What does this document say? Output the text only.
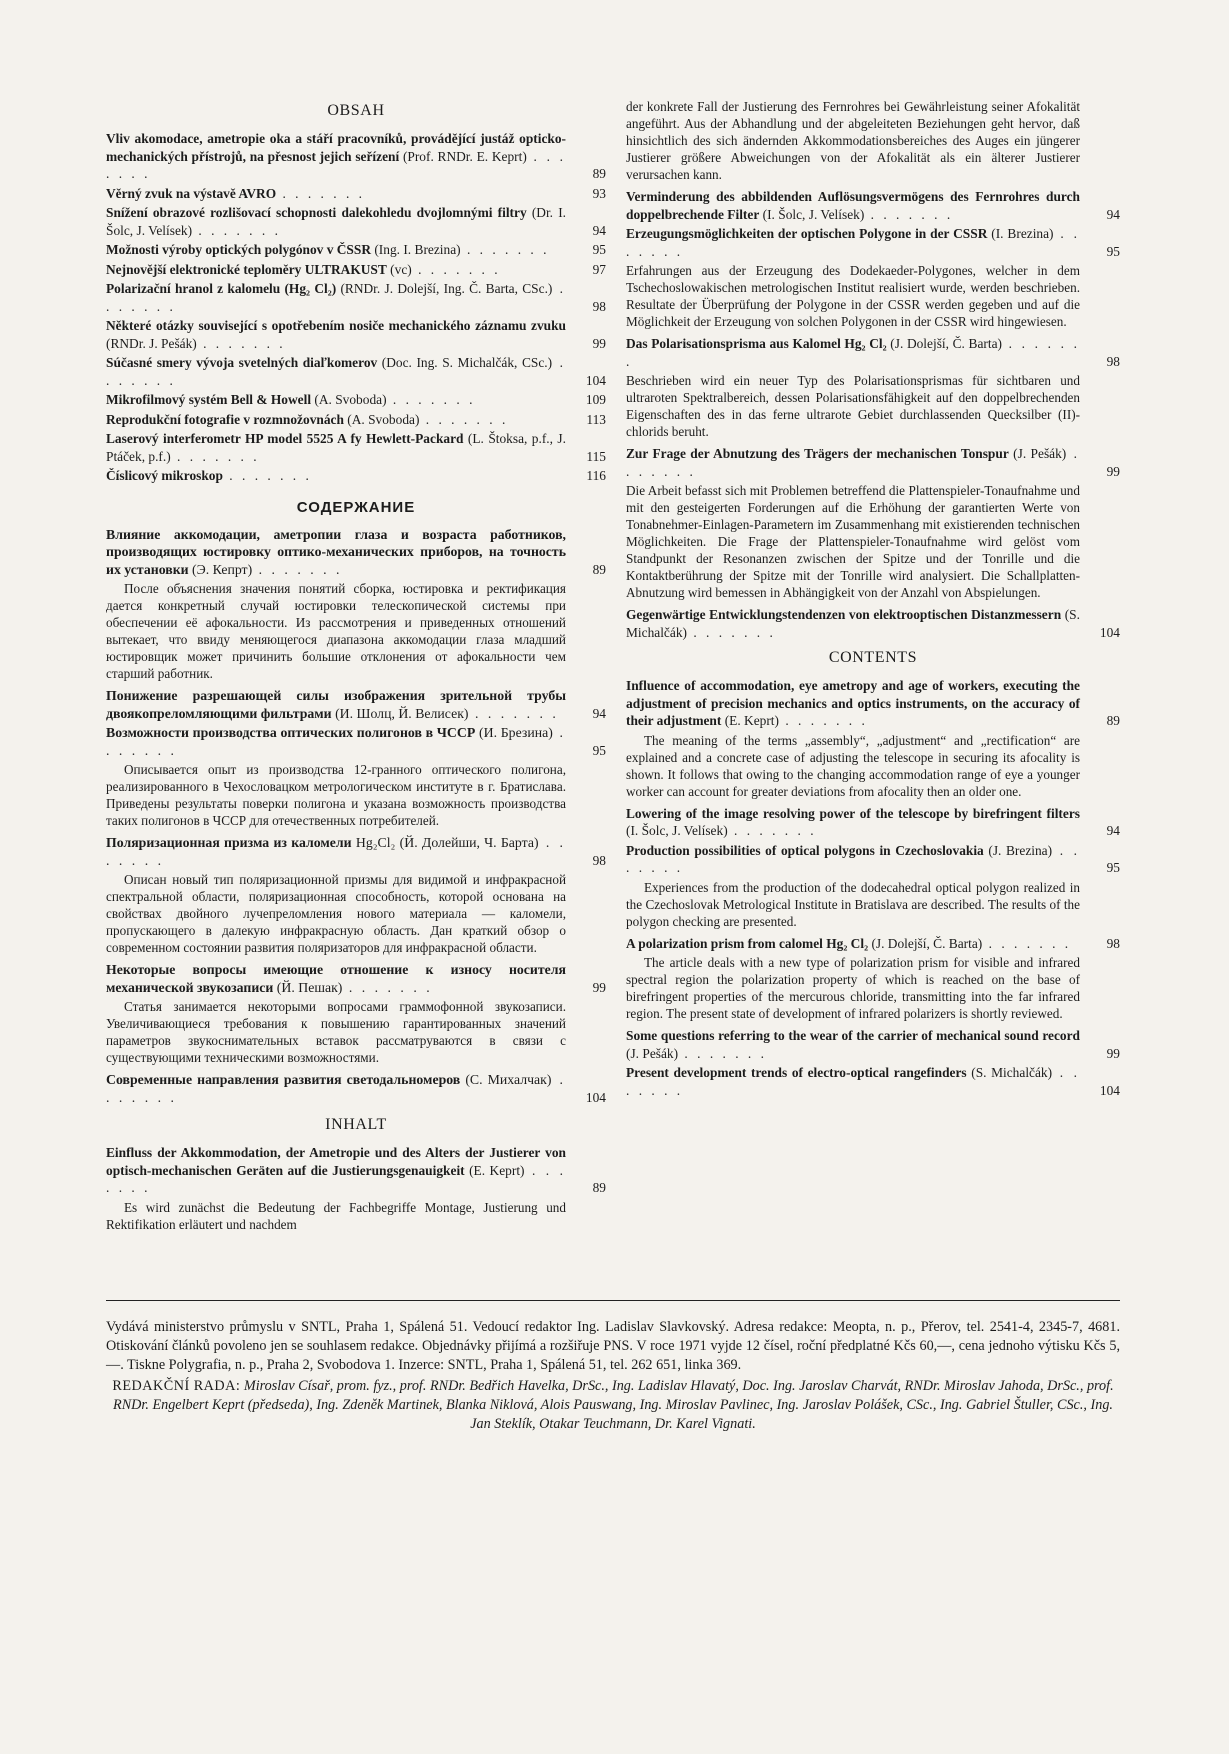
OBSAH
Vliv akomodace, ametropie oka a stáří pracovníků, provádějící justáž opticko-mechanických přístrojů, na přesnost jejich seřízení (Prof. RNDr. E. Keprt) . . . . . . .	89
Věrný zvuk na výstavě AVRO . . . . . . .	93
Snížení obrazové rozlišovací schopnosti dalekohledu dvojlomnými filtry (Dr. I. Šolc, J. Velísek) . . . . . . .	94
Možnosti výroby optických polygónov v ČSSR (Ing. I. Brezina) . . . . . . .	95
Nejnovější elektronické teploměry ULTRAKUST (vc) . . . . . . .	97
Polarizační hranol z kalomelu (Hg₂ Cl₂) (RNDr. J. Dolejší, Ing. Č. Barta, CSc.) . . . . . . .	98
Některé otázky související s opotřebením nosiče mechanického záznamu zvuku (RNDr. J. Pešák) . . . . . . .	99
Súčasné smery vývoja svetelných diaľkomerov (Doc. Ing. S. Michalčák, CSc.) . . . . . . .	104
Mikrofilmový systém Bell & Howell (A. Svoboda) . . . . . . .	109
Reprodukční fotografie v rozmnožovnách (A. Svoboda) . . . . . . .	113
Laserový interferometr HP model 5525 A fy Hewlett-Packard (L. Štoksa, p.f., J. Ptáček, p.f.) . . . . . . .	115
Číslicový mikroskop . . . . . . .	116
СОДЕРЖАНИЕ
Влияние аккомодации, аметропии глаза и возраста работников, производящих юстировку оптико-механических приборов, на точность их установки (Э. Кепрт) . . . . . . .	89
После объяснения значения понятий сборка, юстировка и ректификация дается конкретный случай юстировки телескопической системы при обеспечении её афокальности. Из рассмотрения и приведенных отношений вытекает, что ввиду меняющегося диапазона аккомодации глаза младший юстировщик может причинить большие отклонения от афокальности чем старший работник.
Понижение разрешающей силы изображения зрительной трубы двоякопреломляющими фильтрами (И. Шолц, Й. Велисек) . . . . . . .	94
Возможности производства оптических полигонов в ЧССР (И. Брезина) . . . . . . .	95
Описывается опыт из производства 12-гранного оптического полигона, реализированного в Чехословацком метрологическом институте в г. Братислава. Приведены результаты поверки полигона и указана возможность производства таких полигонов в ЧССР для отечественных потребителей.
Поляризационная призма из каломели Hg₂Cl₂ (Й. Долейши, Ч. Барта) . . . . . . .	98
Описан новый тип поляризационной призмы для видимой и инфракрасной спектральной области, поляризационная способность, которой основана на свойствах двойного лучепреломления нового материала — каломели, пропускающего в далекую инфракрасную область. Дан краткий обзор о современном состоянии развития поляризаторов для инфракрасной области.
Некоторые вопросы имеющие отношение к износу носителя механической звукозаписи (Й. Пешак) . . . . . . .	99
Статья занимается некоторыми вопросами граммофонной звукозаписи. Увеличивающиеся требования к повышению гарантированных значений параметров звукоснимательных вставок рассматруваются в связи с существующими техническими возможностями.
Современные направления развития светодальномеров (С. Михалчак) . . . . . . .	104
INHALT
Einfluss der Akkommodation, der Ametropie und des Alters der Justierer von optisch-mechanischen Geräten auf die Justierungsgenauigkeit (E. Keprt) . . . . . . .	89
Es wird zunächst die Bedeutung der Fachbegriffe Montage, Justierung und Rektifikation erläutert und nachdem
der konkrete Fall der Justierung des Fernrohres bei Gewährleistung seiner Afokalität angeführt. Aus der Abhandlung und der abgeleiteten Beziehungen geht hervor, daß hinsichtlich des sich ändernden Akkommodationsbereiches des Auges ein jüngerer Justierer größere Abweichungen von der Afokalität als ein älterer Justierer verursachen kann.
Verminderung des abbildenden Auflösungsvermögens des Fernrohres durch doppelbrechende Filter (I. Šolc, J. Velísek) . . . . . . .	94
Erzeugungsmöglichkeiten der optischen Polygone in der CSSR (I. Brezina) . . . . . . .	95
Erfahrungen aus der Erzeugung des Dodekaeder-Polygones, welcher in dem Tschechoslowakischen metrologischen Institut realisiert wurde, werden beschrieben. Resultate der Überprüfung der Polygone in der CSSR werden gegeben und auf die Möglichkeit der Erzeugung von solchen Polygonen in der CSSR wird hingewiesen.
Das Polarisationsprisma aus Kalomel Hg₂ Cl₂ (J. Dolejší, Č. Barta) . . . . . . .	98
Beschrieben wird ein neuer Typ des Polarisationsprismas für sichtbaren und ultraroten Spektralbereich, dessen Polarisationsfähigkeit auf den doppelbrechenden Eigenschaften des in das ferne ultrarote Gebiet durchlassenden Quecksilber (II)-chlorids beruht.
Zur Frage der Abnutzung des Trägers der mechanischen Tonspur (J. Pešák) . . . . . . .	99
Die Arbeit befasst sich mit Problemen betreffend die Plattenspieler-Tonaufnahme und mit den gesteigerten Forderungen auf die Erhöhung der garantierten Werte von Tonabnehmer-Einlagen-Parametern im Zusammenhang mit existierenden technischen Möglichkeiten. Die Frage der Plattenspieler-Tonaufnahme wird gelöst vom Standpunkt der Resonanzen zwischen der Spitze und der Tonrille und die Kontaktberührung der Spitze mit der Tonrille wird analysiert. Die Schallplatten-Abnutzung wird bemessen in Abhängigkeit von der Anzahl von Abspielungen.
Gegenwärtige Entwicklungstendenzen von elektrooptischen Distanzmessern (S. Michalčák) . . . . . . .	104
CONTENTS
Influence of accommodation, eye ametropy and age of workers, executing the adjustment of precision mechanics and optics instruments, on the accuracy of their adjustment (E. Keprt) . . . . . . .	89
The meaning of the terms „assembly“, „adjustment“ and „rectification“ are explained and a concrete case of adjusting the telescope in securing its afocality is shown. It follows that owing to the changing accommodation range of eye a younger worker can account for greater deviations from afocality then an older one.
Lowering of the image resolving power of the telescope by birefringent filters (I. Šolc, J. Velísek) . . . . . . .	94
Production possibilities of optical polygons in Czechoslovakia (J. Brezina) . . . . . . .	95
Experiences from the production of the dodecahedral optical polygon realized in the Czechoslovak Metrological Institute in Bratislava are described. The results of the polygon checking are presented.
A polarization prism from calomel Hg₂ Cl₂ (J. Dolejší, Č. Barta) . . . . . . .	98
The article deals with a new type of polarization prism for visible and infrared spectral region the polarization property of which is reached on the base of birefringent properties of the mercurous chloride, transmitting into the far infrared region. The present state of development of infrared polarizers is shortly reviewed.
Some questions referring to the wear of the carrier of mechanical sound record (J. Pešák) . . . . . . .	99
Present development trends of electro-optical rangefinders (S. Michalčák) . . . . . . .	104

Vydává ministerstvo průmyslu v SNTL, Praha 1, Spálená 51. Vedoucí redaktor Ing. Ladislav Slavkovský. Adresa redakce: Meopta, n. p., Přerov, tel. 2541-4, 2345-7, 4681. Otiskování článků povoleno jen se souhlasem redakce. Objednávky přijímá a rozšiřuje PNS. V roce 1971 vyjde 12 čísel, roční předplatné Kčs 60,—, cena jednoho výtisku Kčs 5,—. Tiskne Polygrafia, n. p., Praha 2, Svobodova 1. Inzerce: SNTL, Praha 1, Spálená 51, tel. 262 651, linka 369.

REDAKČNÍ RADA: Miroslav Císař, prom. fyz., prof. RNDr. Bedřich Havelka, DrSc., Ing. Ladislav Hlavatý, Doc. Ing. Jaroslav Charvát, RNDr. Miroslav Jahoda, DrSc., prof. RNDr. Engelbert Keprt (předseda), Ing. Zdeněk Martinek, Blanka Niklová, Alois Pauswang, Ing. Miroslav Pavlinec, Ing. Jaroslav Polášek, CSc., Ing. Gabriel Štuller, CSc., Ing. Jan Steklík, Otakar Teuchmann, Dr. Karel Vignati.
